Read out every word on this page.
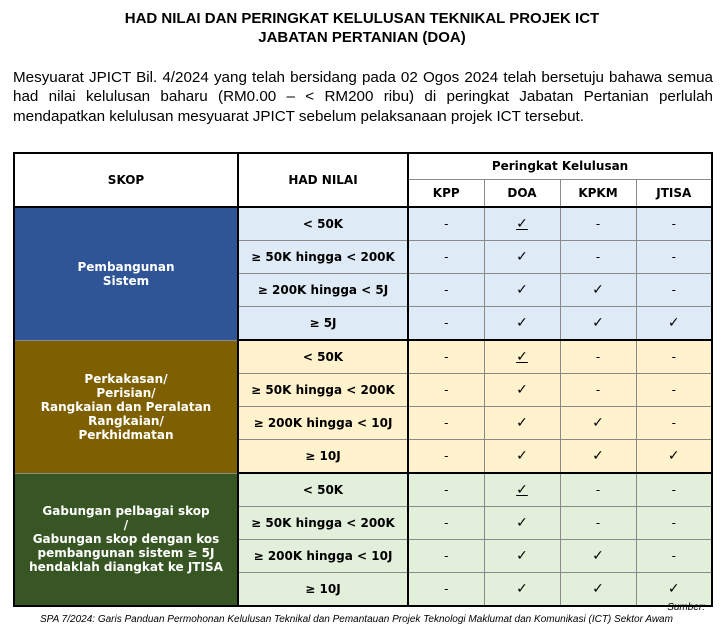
HAD NILAI DAN PERINGKAT KELULUSAN TEKNIKAL PROJEK ICT
JABATAN PERTANIAN (DOA)
Mesyuarat JPICT Bil. 4/2024 yang telah bersidang pada 02 Ogos 2024 telah bersetuju bahawa semua had nilai kelulusan baharu (RM0.00 – < RM200 ribu) di peringkat Jabatan Pertanian perlulah mendapatkan kelulusan mesyuarat JPICT sebelum pelaksanaan projek ICT tersebut.
SKOP	HAD NILAI	Peringkat Kelulusan			
		KPP	DOA	KPKM	JTISA

Pembangunan
Sistem	< 50K	-	✓	-	-
	≥ 50K hingga < 200K	-	✓	-	-
	≥ 200K hingga < 5J	-	✓	✓	-
	≥ 5J	-	✓	✓	✓

Perkakasan/
Perisian/
Rangkaian dan Peralatan
Rangkaian/
Perkhidmatan	< 50K	-	✓	-	-
	≥ 50K hingga < 200K	-	✓	-	-
	≥ 200K hingga < 10J	-	✓	✓	-
	≥ 10J	-	✓	✓	✓

Gabungan pelbagai skop
/
Gabungan skop dengan kos
pembangunan sistem ≥ 5J
hendaklah diangkat ke JTISA	< 50K	-	✓	-	-
	≥ 50K hingga < 200K	-	✓	-	-
	≥ 200K hingga < 10J	-	✓	✓	-
	≥ 10J	-	✓	✓	✓
Sumber:
SPA 7/2024: Garis Panduan Permohonan Kelulusan Teknikal dan Pemantauan Projek Teknologi Maklumat dan Komunikasi (ICT) Sektor Awam
